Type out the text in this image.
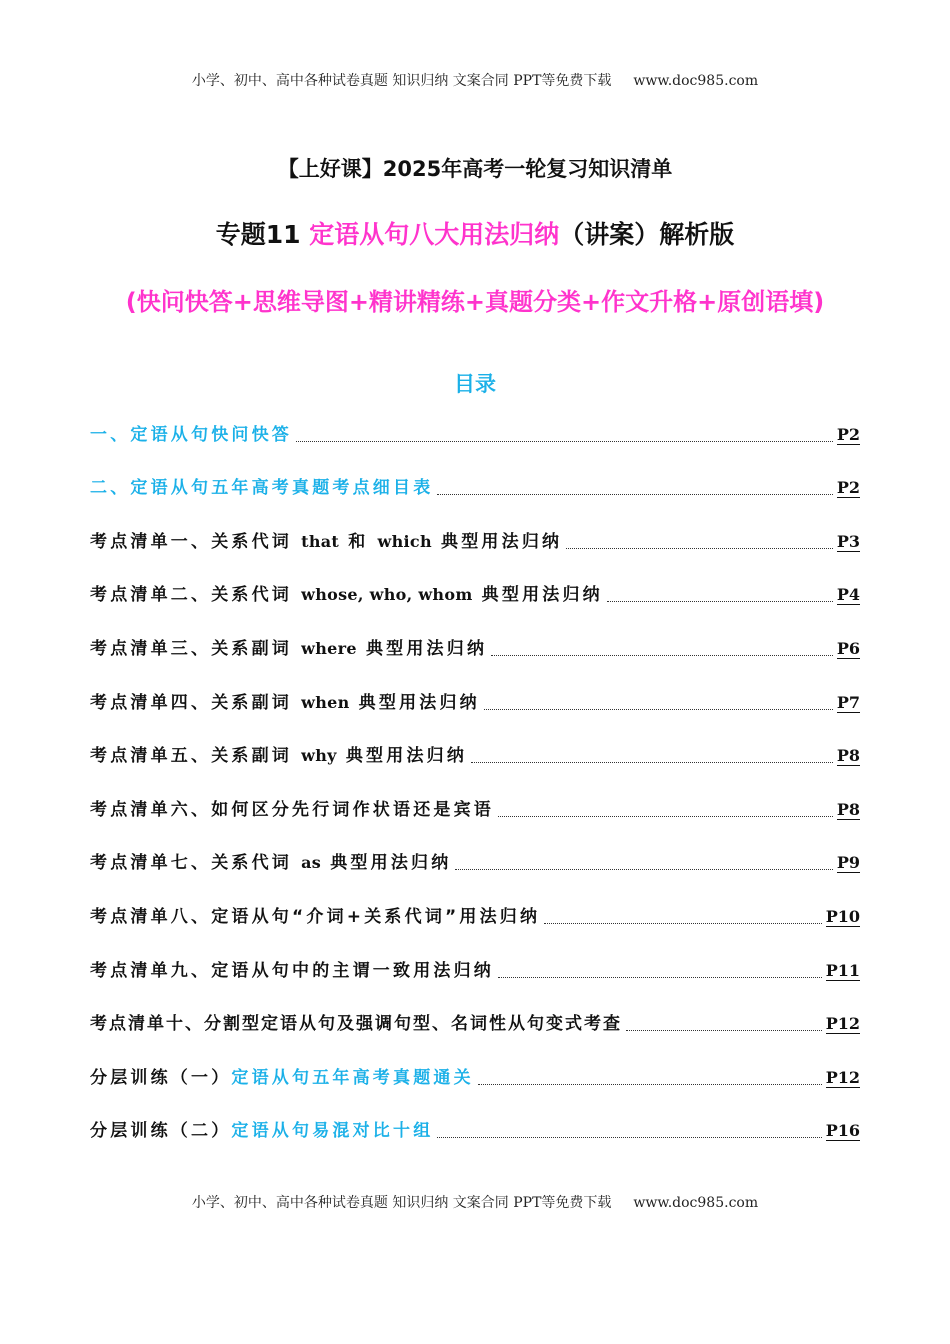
小学、初中、高中各种试卷真题 知识归纳 文案合同 PPT等免费下载 www.doc985.com
【上好课】2025年高考一轮复习知识清单
专题11 定语从句八大用法归纳（讲案）解析版
(快问快答+思维导图+精讲精练+真题分类+作文升格+原创语填)
目录
一、定语从句快问快答	P2
二、定语从句五年高考真题考点细目表	P2
考点清单一、关系代词 that 和 which 典型用法归纳	P3
考点清单二、关系代词 whose, who, whom 典型用法归纳	P4
考点清单三、关系副词 where 典型用法归纳	P6
考点清单四、关系副词 when 典型用法归纳	P7
考点清单五、关系副词 why 典型用法归纳	P8
考点清单六、如何区分先行词作状语还是宾语	P8
考点清单七、关系代词 as 典型用法归纳	P9
考点清单八、定语从句“介词+关系代词”用法归纳	P10
考点清单九、定语从句中的主谓一致用法归纳	P11
考点清单十、分割型定语从句及强调句型、名词性从句变式考查	P12
分层训练（一）定语从句五年高考真题通关	P12
分层训练（二）定语从句易混对比十组	P16
小学、初中、高中各种试卷真题 知识归纳 文案合同 PPT等免费下载 www.doc985.com
